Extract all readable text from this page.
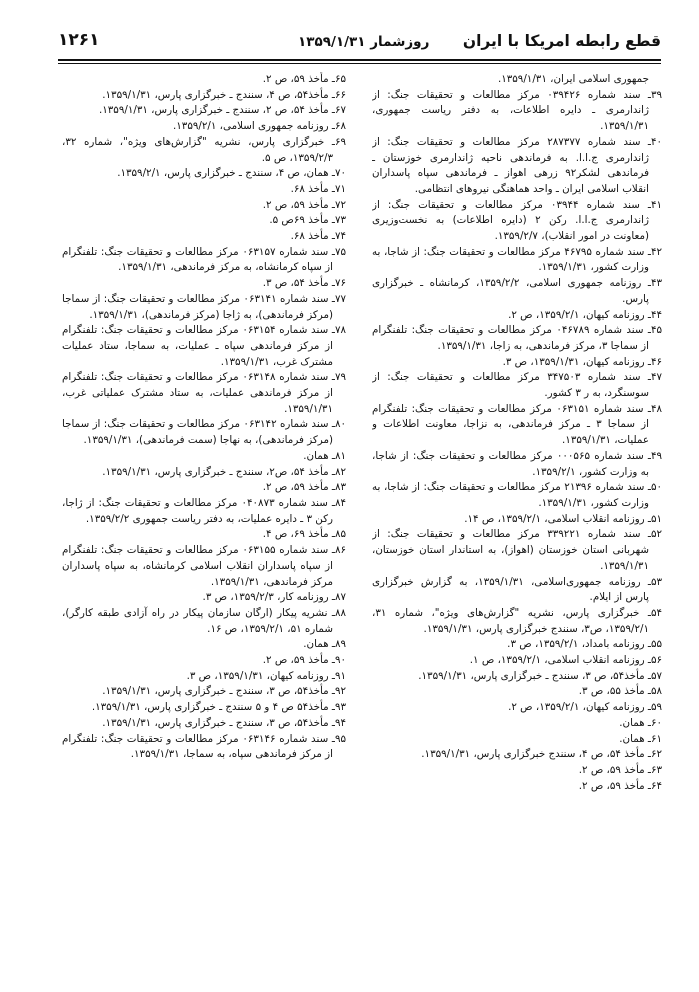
قطع رابطه امریکا با ایران
روزشمار ۱۳۵۹/۱/۳۱
۱۲۶۱
جمهوری اسلامی ایران، ۱۳۵۹/۱/۳۱.
۳۹ـ سند شماره ۰۳۹۴۲۶ مرکز مطالعات و تحقیقات جنگ: از ژاندارمری ـ دایره اطلاعات، به دفتر ریاست جمهوری، ۱۳۵۹/۱/۳۱.
۴۰ـ سند شماره ۲۸۷۳۷۷ مرکز مطالعات و تحقیقات جنگ: از ژاندارمری ج.ا.ا. به فرماندهی ناحیه ژاندارمری خوزستان ـ فرماندهی لشکر۹۲ زرهی اهواز ـ فرماندهی سپاه پاسداران انقلاب اسلامی ایران ـ واحد هماهنگی نیروهای انتظامی.
۴۱ـ سند شماره ۰۳۹۴۴ مرکز مطالعات و تحقیقات جنگ: از ژاندارمری ج.ا.ا. رکن ۲ (دایره اطلاعات) به نخست‌وزیری (معاونت در امور انقلاب)، ۱۳۵۹/۲/۷.
۴۲ـ سند شماره ۴۶۷۹۵ مرکز مطالعات و تحقیقات جنگ: از شاجا، به وزارت کشور، ۱۳۵۹/۱/۳۱.
۴۳ـ روزنامه جمهوری اسلامی، ۱۳۵۹/۲/۲، کرمانشاه ـ خبرگزاری پارس.
۴۴ـ روزنامه کیهان، ۱۳۵۹/۲/۱، ص ۲.
۴۵ـ سند شماره ۰۴۶۷۸۹ مرکز مطالعات و تحقیقات جنگ: تلفنگرام از سماجا ۳، مرکز فرماندهی، به زاجا، ۱۳۵۹/۱/۳۱.
۴۶ـ روزنامه کیهان، ۱۳۵۹/۱/۳۱، ص ۳.
۴۷ـ سند شماره ۳۴۷۵۰۳ مرکز مطالعات و تحقیقات جنگ: از سوسنگرد، به ر ۳ کشور.
۴۸ـ سند شماره ۰۶۳۱۵۱ مرکز مطالعات و تحقیقات جنگ: تلفنگرام از سماجا ۳ ـ مرکز فرماندهی، به نزاجا، معاونت اطلاعات و عملیات، ۱۳۵۹/۱/۳۱.
۴۹ـ سند شماره ۰۰۰۵۶۵ مرکز مطالعات و تحقیقات جنگ: از شاجا، به وزارت کشور، ۱۳۵۹/۲/۱.
۵۰ـ سند شماره ۲۱۳۹۶ مرکز مطالعات و تحقیقات جنگ: از شاجا، به وزارت کشور، ۱۳۵۹/۱/۳۱.
۵۱ـ روزنامه انقلاب اسلامی، ۱۳۵۹/۲/۱، ص ۱۴.
۵۲ـ سند شماره ۳۳۹۲۲۱ مرکز مطالعات و تحقیقات جنگ: از شهربانی استان خوزستان (اهواز)، به استاندار استان خوزستان، ۱۳۵۹/۱/۳۱.
۵۳ـ روزنامه جمهوری‌اسلامی، ۱۳۵۹/۱/۳۱، به گزارش خبرگزاری پارس از ایلام.
۵۴ـ خبرگزاری پارس، نشریه "گزارش‌های ویژه"، شماره ۳۱، ۱۳۵۹/۲/۱، ص۳، سنندج خبرگزاری پارس، ۱۳۵۹/۱/۳۱.
۵۵ـ روزنامه بامداد، ۱۳۵۹/۲/۱، ص ۳.
۵۶ـ روزنامه انقلاب اسلامی، ۱۳۵۹/۲/۱، ص ۱.
۵۷ـ مأخذ۵۴، ص ۳، سنندج ـ خبرگزاری پارس، ۱۳۵۹/۱/۳۱.
۵۸ـ مأخذ ۵۵، ص ۳.
۵۹ـ روزنامه کیهان، ۱۳۵۹/۲/۱، ص ۲.
۶۰ـ همان.
۶۱ـ همان.
۶۲ـ مأخذ ۵۴، ص ۴، سنندج خبرگزاری پارس، ۱۳۵۹/۱/۳۱.
۶۳ـ مأخذ ۵۹، ص ۲.
۶۴ـ مأخذ ۵۹، ص ۲.
۶۵ـ مأخذ ۵۹، ص ۲.
۶۶ـ مأخذ۵۴، ص ۴، سنندج ـ خبرگزاری پارس، ۱۳۵۹/۱/۳۱.
۶۷ـ مأخذ ۵۴، ص ۲، سنندج ـ خبرگزاری پارس، ۱۳۵۹/۱/۳۱.
۶۸ـ روزنامه جمهوری اسلامی، ۱۳۵۹/۲/۱.
۶۹ـ خبرگزاری پارس، نشریه "گزارش‌های ویژه"، شماره ۳۲، ۱۳۵۹/۲/۳، ص ۵.
۷۰ـ همان، ص ۴، سنندج ـ خبرگزاری پارس، ۱۳۵۹/۲/۱.
۷۱ـ مأخذ ۶۸.
۷۲ـ مأخذ ۵۹، ص ۲.
۷۳ـ مأخذ ۶۹ص ۵.
۷۴ـ مأخذ ۶۸.
۷۵ـ سند شماره ۰۶۳۱۵۷ مرکز مطالعات و تحقیقات جنگ: تلفنگرام از سپاه کرمانشاه، به مرکز فرماندهی، ۱۳۵۹/۱/۳۱.
۷۶ـ مأخذ ۵۴، ص ۳.
۷۷ـ سند شماره ۰۶۳۱۴۱ مرکز مطالعات و تحقیقات جنگ: از سماجا (مرکز فرماندهی)، به ژاجا (مرکز فرماندهی)، ۱۳۵۹/۱/۳۱.
۷۸ـ سند شماره ۰۶۳۱۵۴ مرکز مطالعات و تحقیقات جنگ: تلفنگرام از مرکز فرماندهی سپاه ـ عملیات، به سماجا، ستاد عملیات مشترک غرب، ۱۳۵۹/۱/۳۱.
۷۹ـ سند شماره ۰۶۳۱۴۸ مرکز مطالعات و تحقیقات جنگ: تلفنگرام از مرکز فرماندهی عملیات، به ستاد مشترک عملیاتی غرب، ۱۳۵۹/۱/۳۱.
۸۰ـ سند شماره ۰۶۳۱۴۲ مرکز مطالعات و تحقیقات جنگ: از سماجا (مرکز فرماندهی)، به نهاجا (سمت فرماندهی)، ۱۳۵۹/۱/۳۱.
۸۱ـ همان.
۸۲ـ مأخذ ۵۴، ص۲، سنندج ـ خبرگزاری پارس، ۱۳۵۹/۱/۳۱.
۸۳ـ مأخذ ۵۹، ص ۲.
۸۴ـ سند شماره ۰۴۰۸۷۳ مرکز مطالعات و تحقیقات جنگ: از ژاجا، رکن ۳ ـ دایره عملیات، به دفتر ریاست جمهوری ۱۳۵۹/۲/۲.
۸۵ـ مأخذ ۶۹، ص ۴.
۸۶ـ سند شماره ۰۶۳۱۵۵ مرکز مطالعات و تحقیقات جنگ: تلفنگرام از سپاه پاسداران انقلاب اسلامی کرمانشاه، به سپاه پاسداران مرکز فرماندهی، ۱۳۵۹/۱/۳۱.
۸۷ـ روزنامه کار، ۱۳۵۹/۲/۳، ص ۳.
۸۸ـ نشریه پیکار (ارگان سازمان پیکار در راه آزادی طبقه کارگر)، شماره ۵۱، ۱۳۵۹/۲/۱، ص ۱۶.
۸۹ـ همان.
۹۰ـ مأخذ ۵۹، ص ۲.
۹۱ـ روزنامه کیهان، ۱۳۵۹/۱/۳۱، ص ۳.
۹۲ـ مأخذ۵۴، ص ۳، سنندج ـ خبرگزاری پارس، ۱۳۵۹/۱/۳۱.
۹۳ـ مأخذ۵۴ ص ۴ و ۵ سنندج ـ خبرگزاری پارس، ۱۳۵۹/۱/۳۱.
۹۴ـ مأخذ۵۴، ص ۳، سنندج ـ خبرگزاری پارس، ۱۳۵۹/۱/۳۱.
۹۵ـ سند شماره ۰۶۳۱۴۶ مرکز مطالعات و تحقیقات جنگ: تلفنگرام از مرکز فرماندهی سپاه، به سماجا، ۱۳۵۹/۱/۳۱.
